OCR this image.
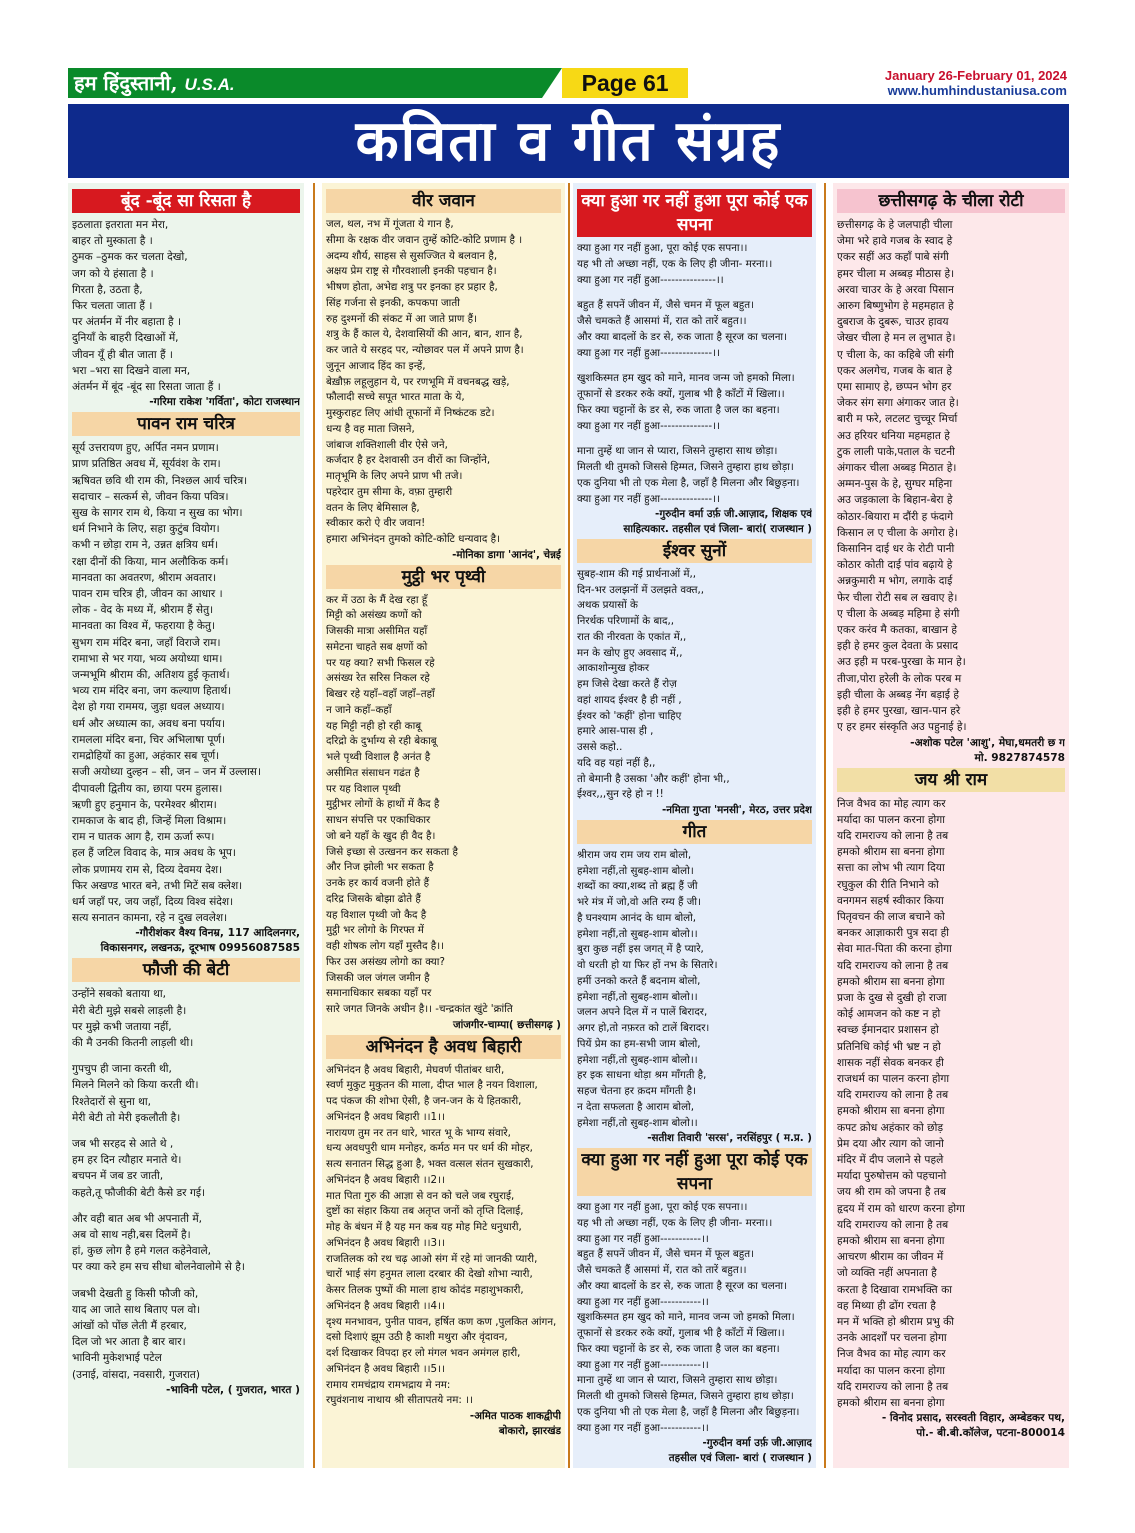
हम हिंदुस्तानी, U.S.A.	Page 61	January 26-February 01, 2024
www.humhindustaniusa.com
कविता व गीत संग्रह
बूंद -बूंद सा रिसता है
इठलाता इतराता मन मेरा,
बाहर तो मुस्काता है ।
ठुमक –ठुमक कर चलता देखो,
जग को ये हंसाता है ।
गिरता है, उठता है,
फिर चलता जाता हैं ।
पर अंतर्मन में नीर बहाता है ।
दुनियाँ के बाहरी दिखाओं में,
जीवन यूँ ही बीत जाता हैं ।
भरा –भरा सा दिखने वाला मन,
अंतर्मन में बूंद -बूंद सा रिसता जाता हैं ।
-गरिमा राकेश 'गर्विता', कोटा राजस्थान
पावन राम चरित्र
सूर्य उत्तरायण हुए, अर्पित नमन प्रणाम।
प्राण प्रतिष्ठित अवध में, सूर्यवंश के राम।
ऋषिवत छवि थी राम की, निश्छल आर्य चरित्र।
सदाचार – सत्कर्म से, जीवन किया पवित्र।
सुख के सागर राम थे, किया न सुख का भोग।
धर्म निभाने के लिए, सहा कुटुंब वियोग।
कभी न छोड़ा राम ने, उन्नत क्षत्रिय धर्म।
रक्षा दीनों की किया, मान अलौकिक कर्म।
मानवता का अवतरण, श्रीराम अवतार।
पावन राम चरित्र ही, जीवन का आधार ।
लोक - वेद के मध्य में, श्रीराम हैं सेतु।
मानवता का विश्व में, फहराया है केतु।
सुभग राम मंदिर बना, जहाँ विराजे राम।
रामाभा से भर गया, भव्य अयोध्या धाम।
जन्मभूमि श्रीराम की, अतिशय हुई कृतार्थ।
भव्य राम मंदिर बना, जग कल्याण हितार्थ।
देश हो गया राममय, जुड़ा धवल अध्याय।
धर्म और अध्यात्म का, अवध बना पर्याय।
रामलला मंदिर बना, चिर अभिलाषा पूर्ण।
रामद्रोहियों का हुआ, अहंकार सब चूर्ण।
सजी अयोध्या दुल्हन – सी, जन – जन में उल्लास।
दीपावली द्वितीय का, छाया परम हुलास।
ऋणी हुए हनुमान के, परमेश्वर श्रीराम।
रामकाज के बाद ही, जिन्हें मिला विश्राम।
राम न घातक आग है, राम ऊर्जा रूप।
हल हैं जटिल विवाद के, मात्र अवध के भूप।
लोक प्रणामय राम से, दिव्य देवमय देश।
फिर अखण्ड भारत बने, तभी मिटें सब क्लेश।
धर्म जहाँ पर, जय जहाँ, दिव्य विश्व संदेश।
सत्य सनातन कामना, रहे न दुख लवलेश।
-गौरीशंकर वैश्य विनम्र, 117 आदिलनगर,
विकासनगर, लखनऊ, दूरभाष 09956087585
फौजी की बेटी
उन्होंने सबको बताया था,
मेरी बेटी मुझे सबसे लाड़ली है।
पर मुझे कभी जताया नहीं,
की मै उनकी कितनी लाड़ली थी।
गुपचुप ही जाना करती थी,
मिलने मिलने को किया करती थी।
रिश्तेदारों से सुना था,
मेरी बेटी तो मेरी इकलौती है।
जब भी सरहद से आते थे ,
हम हर दिन त्यौहार मनाते थे।
बचपन में जब डर जाती,
कहते,तू फौजीकी बेटी कैसे डर गई।
और वही बात अब भी अपनाती में,
अब वो साथ नही,बस दिलमें है।
हां, कुछ लोग है हमे गलत कहेनेवाले,
पर क्या करे हम सच सीधा बोलनेवालोमे से है।
जबभी देखती हु किसी फौजी को,
याद आ जाते साथ बिताए पल वो।
आंखों को पोंछ लेती मैं हरबार,
दिल जो भर आता है बार बार।
भाविनी मुकेशभाई पटेल
(उनाई, वांसदा, नवसारी, गुजरात)
-भाविनी पटेल, ( गुजरात, भारत )
वीर जवान
जल, थल, नभ में गूंजता ये गान है,
सीमा के रक्षक वीर जवान तुम्हें कोटि-कोटि प्रणाम है ।
अदम्य शौर्य, साहस से सुसज्जित ये बलवान है,
अक्षय प्रेम राष्ट्र से गौरवशाली इनकी पहचान है।
भीषण होता, अभेद्य शत्रु पर इनका हर प्रहार है,
सिंह गर्जना से इनकी, कपकपा जाती
रुह दुश्मनों की संकट में आ जाते प्राण हैं।
शत्रु के हैं काल ये, देशवासियों की आन, बान, शान है,
कर जाते ये सरहद पर, न्योछावर पल में अपने प्राण है।
जुनून आजाद हिंद का इन्हें,
बेख़ौफ़ लहूलुहान ये, पर रणभूमि में वचनबद्ध खड़े,
फौलादी सच्चे सपूत भारत माता के ये,
मुस्कुराहट लिए आंधी तूफानों में निष्कंटक डटे।
धन्य है वह माता जिसने,
जांबाज शक्तिशाली वीर ऐसे जने,
कर्जदार है हर देशवासी उन वीरों का जिन्होंने,
मातृभूमि के लिए अपने प्राण भी तजे।
पहरेदार तुम सीमा के, वफ़ा तुम्हारी
वतन के लिए बेमिसाल है,
स्वीकार करो ऐ वीर जवान!
हमारा अभिनंदन तुमको कोटि-कोटि धन्यवाद है।
-मोनिका डागा 'आनंद', चेन्नई
मुट्ठी भर पृथ्वी
कर में उठा के मैं देख रहा हूँ
मिट्टी को असंख्य कणों को
जिसकी मात्रा असीमित यहाँ
समेटना चाहते सब क्षणों को
पर यह क्या? सभी फिसल रहे
असंख्य रेत सरिस निकल रहे
बिखर रहे यहाँ–वहाँ जहाँ–तहाँ
न जाने कहाँ–कहाँ
यह मिट्टी नही हो रही काबू
दरिद्रो के दुर्भाग्य से रही बेकाबू
भले पृथ्वी विशाल है अनंत है
असीमित संसाधन गढंत है
पर यह विशाल पृथ्वी
मुट्ठीभर लोगों के हाथों में कैद है
साधन संपत्ति पर एकाधिकार
जो बने यहाँ के खुद ही वैद है।
जिसे इच्छा से उत्खनन कर सकता है
और निज झोली भर सकता है
उनके हर कार्य वजनी होते हैं
दरिद्र जिसके बोझा ढोते हैं
यह विशाल पृथ्वी जो कैद है
मुट्ठी भर लोगो के गिरफ्त में
वही शोषक लोग यहाँ मुस्तैद है।।
फिर उस असंख्य लोगो का क्या?
जिसकी जल जंगल जमीन है
समानाधिकार सबका यहाँ पर
सारे जगत जिनके अधीन है।। -चन्द्रकांत खुंटे 'क्रांति
जांजगीर-चाम्पा( छत्तीसगढ़ )
अभिनंदन है अवध बिहारी
अभिनंदन है अवध बिहारी, मेघवर्ण पीतांबर धारी,
स्वर्ण मुकुट मुकुतन की माला, दीप्त भाल है नयन विशाला,
पद पंकज की शोभा ऐसी, है जन-जन के ये हितकारी,
अभिनंदन है अवध बिहारी ।।1।।
नारायण तुम नर तन धारे, भारत भू के भाग्य संवारे,
धन्य अवधपुरी धाम मनोहर, कर्मठ मन पर धर्म की मोहर,
सत्य सनातन सिद्ध हुआ है, भक्त वत्सल संतन सुखकारी,
अभिनंदन है अवध बिहारी ।।2।।
मात पिता गुरु की आज्ञा से वन को चले जब रघुराई,
दुष्टों का संहार किया तब अतृप्त जनों को तृप्ति दिलाई,
मोह के बंधन में है यह मन कब यह मोह मिटे धनुधारी,
अभिनंदन है अवध बिहारी ।।3।।
राजतिलक को रथ चढ़ आओ संग में रहे मां जानकी प्यारी,
चारों भाई संग हनुमत लाला दरबार की देखो शोभा न्यारी,
केसर तिलक पुष्पों की माला हाथ कोदंड महाशुभकारी,
अभिनंदन है अवध बिहारी ।।4।।
दृश्य मनभावन, पुनीत पावन, हर्षित कण कण ,पुलकित आंगन,
दसो दिशाएं झूम उठी है काशी मथुरा और वृंदावन,
दर्श दिखाकर विपदा हर लो मंगल भवन अमंगल हारी,
अभिनंदन है अवध बिहारी ।।5।।
रामाय रामचंद्राय रामभद्राय मे नम:
रघुवंशनाथ नाथाय श्री सीतापतये नम: ।।
-अमित पाठक शाकद्वीपी
बोकारो, झारखंड
क्या हुआ गर नहीं हुआ पूरा कोई एक सपना
क्या हुआ गर नहीं हुआ, पूरा कोई एक सपना।।
यह भी तो अच्छा नहीं, एक के लिए ही जीना- मरना।।
क्या हुआ गर नहीं हुआ---------------।।
बहुत हैं सपनें जीवन में, जैसे चमन में फूल बहुत।
जैसे चमकते हैं आसमां में, रात को तारें बहुत।।
और क्या बादलों के डर से, रुक जाता है सूरज का चलना।
क्या हुआ गर नहीं हुआ--------------।।
खुशकिस्मत हम खुद को माने, मानव जन्म जो हमको मिला।
तूफानों से डरकर रुके क्यों, गुलाब भी है काँटों में खिला।।
फिर क्या चट्टानों के डर से, रुक जाता है जल का बहना।
क्या हुआ गर नहीं हुआ--------------।।
माना तुम्हें था जान से प्यारा, जिसने तुम्हारा साथ छोड़ा।
मिलती थी तुमको जिससे हिम्मत, जिसने तुम्हारा हाथ छोड़ा।
एक दुनिया भी तो एक मेला है, जहाँ है मिलना और बिछुड़ना।
क्या हुआ गर नहीं हुआ--------------।।
-गुरुदीन वर्मा उर्फ़ जी.आज़ाद, शिक्षक एवं
साहित्यकार. तहसील एवं जिला- बारां( राजस्थान )
ईश्वर सुनों
सुबह-शाम की गई प्रार्थनाओं में,,
दिन-भर उलझनों में उलझते वक्त,,
अथक प्रयासों के
निरर्थक परिणामों के बाद,,
रात की नीरवता के एकांत में,,
मन के खोए हुए अवसाद में,,
आकाशोन्मुख होकर
हम जिसे देखा करते हैं रोज़
वहां शायद ईश्वर है ही नहीं ,
ईश्वर को 'कहीं' होना चाहिए
हमारे आस-पास ही ,
उससे कहो..
यदि वह यहां नहीं है,,
तो बेमानी है उसका 'और कहीं' होना भी,,
ईश्वर,,,सुन रहे हो न !!
-नमिता गुप्ता 'मनसी', मेरठ, उत्तर प्रदेश
गीत
श्रीराम जय राम जय राम बोलो,
हमेशा नहीं,तो सुबह-शाम बोलो।
शब्दों का क्या,शब्द तो ब्रह्म हैं जी
भरे मंत्र में जो,वो अति रम्य हैं जी।
है घनश्याम आनंद के धाम बोलो,
हमेशा नहीं,तो सुबह-शाम बोलो।।
बुरा कुछ नहीं इस जगत् में है प्यारे,
वो धरती हो या फिर हों नभ के सितारे।
हमीं उनको करते हैं बदनाम बोलो,
हमेशा नहीं,तो सुबह-शाम बोलो।।
जलन अपने दिल में न पालें बिरादर,
अगर हो,तो नफ़रत को टालें बिरादर।
पियें प्रेम का हम-सभी जाम बोलो,
हमेशा नहीं,तो सुबह-शाम बोलो।।
हर इक साधना थोड़ा श्रम माँगती है,
सहज चेतना हर क़दम माँगती है।
न देता सफलता है आराम बोलो,
हमेशा नहीं,तो सुबह-शाम बोलो।।
-सतीश तिवारी 'सरस', नरसिंहपुर ( म.प्र. )
क्या हुआ गर नहीं हुआ पूरा कोई एक सपना
क्या हुआ गर नहीं हुआ, पूरा कोई एक सपना।।
यह भी तो अच्छा नहीं, एक के लिए ही जीना- मरना।।
क्या हुआ गर नहीं हुआ-----------।।
बहुत हैं सपनें जीवन में, जैसे चमन में फूल बहुत।
जैसे चमकते हैं आसमां में, रात को तारें बहुत।।
और क्या बादलों के डर से, रुक जाता है सूरज का चलना।
क्या हुआ गर नहीं हुआ-----------।।
खुशकिस्मत हम खुद को माने, मानव जन्म जो हमको मिला।
तूफानों से डरकर रुके क्यों, गुलाब भी है काँटों में खिला।।
फिर क्या चट्टानों के डर से, रुक जाता है जल का बहना।
क्या हुआ गर नहीं हुआ-----------।।
माना तुम्हें था जान से प्यारा, जिसने तुम्हारा साथ छोड़ा।
मिलती थी तुमको जिससे हिम्मत, जिसने तुम्हारा हाथ छोड़ा।
एक दुनिया भी तो एक मेला है, जहाँ है मिलना और बिछुड़ना।
क्या हुआ गर नहीं हुआ-----------।।
-गुरुदीन वर्मा उर्फ़ जी.आज़ाद
तहसील एवं जिला- बारां ( राजस्थान )
छत्तीसगढ़ के चीला रोटी
छत्तीसगढ़ के हे जलपाही चीला
जेमा भरे हावे गजब के स्वाद हे
एकर सहीं अउ कहाँ पाबे संगी
हमर चीला म अब्बड़ मीठास हे।
अरवा चाउर के हे अरवा पिसान
आरुग बिष्णुभोग हे महमहात हे
दुबराज के दुबरू, चाउर हावय
जेखर चीला हे मन ल लुभात हे।
ए चीला के, का कहिबे जी संगी
एकर अलगेच, गजब के बात हे
एमा सामाए हे, छप्पन भोग हर
जेकर संग सगा अंगाकर जात हे।
बारी म फरे, लटलट चुच्चूर मिर्चा
अउ हरियर धनिया महमहात हे
टुक लाली पाके,पताल के चटनी
अंगाकर चीला अब्बड़ मिठात हे।
अम्मन-पुस के हे, सुग्घर महिना
अउ जड़काला के बिहान-बेरा हे
कोठार-बियारा म दौंरी ह फंदागे
किसान ल ए चीला के अगोरा हे।
किसानिन दाई धर के रोटी पानी
कोठार कोती दाई पांव बढ़ाये हे
अन्नकुमारी म भोग, लगाके दाई
फेर चीला रोटी सब ल खवाए हे।
ए चीला के अब्बड़ महिमा हे संगी
एकर करंव मै कतका, बाखान हे
इही हे हमर कुल देवता के प्रसाद
अउ इही म परब-पुरखा के मान हे।
तीजा,पोरा हरेली के लोक परब म
इही चीला के अब्बड़ नेंग बड़ाई हे
इही हे हमर पुरखा, खान-पान हरे
ए हर हमर संस्कृति अउ पहुनाई हे।
-अशोक पटेल 'आशु', मेघा,धमतरी छ ग
मो. 9827874578
जय श्री राम
निज वैभव का मोह त्याग कर
मर्यादा का पालन करना होगा
यदि रामराज्य को लाना है तब
हमको श्रीराम सा बनना होगा
सत्ता का लोभ भी त्याग दिया
रघुकुल की रीति निभाने को
वनगमन सहर्ष स्वीकार किया
पितृवचन की लाज बचाने को
बनकर आज्ञाकारी पुत्र सदा ही
सेवा मात-पिता की करना होगा
यदि रामराज्य को लाना है तब
हमको श्रीराम सा बनना होगा
प्रजा के दुख से दुखी हो राजा
कोई आमजन को कष्ट न हो
स्वच्छ ईमानदार प्रशासन हो
प्रतिनिधि कोई भी भ्रष्ट न हो
शासक नहीं सेवक बनकर ही
राजधर्म का पालन करना होगा
यदि रामराज्य को लाना है तब
हमको श्रीराम सा बनना होगा
कपट क्रोध अहंकार को छोड़
प्रेम दया और त्याग को जानो
मंदिर में दीप जलाने से पहले
मर्यादा पुरुषोत्तम को पहचानो
जय श्री राम को जपना है तब
हृदय में राम को धारण करना होगा
यदि रामराज्य को लाना है तब
हमको श्रीराम सा बनना होगा
आचरण श्रीराम का जीवन में
जो व्यक्ति नहीं अपनाता है
करता है दिखावा रामभक्ति का
वह मिथ्या ही ढोंग रचता है
मन में भक्ति हो श्रीराम प्रभु की
उनके आदर्शों पर चलना होगा
निज वैभव का मोह त्याग कर
मर्यादा का पालन करना होगा
यदि रामराज्य को लाना है तब
हमको श्रीराम सा बनना होगा
- विनोद प्रसाद, सरस्वती विहार, अम्बेडकर पथ,
पो.- बी.बी.कॉलेज, पटना-800014
